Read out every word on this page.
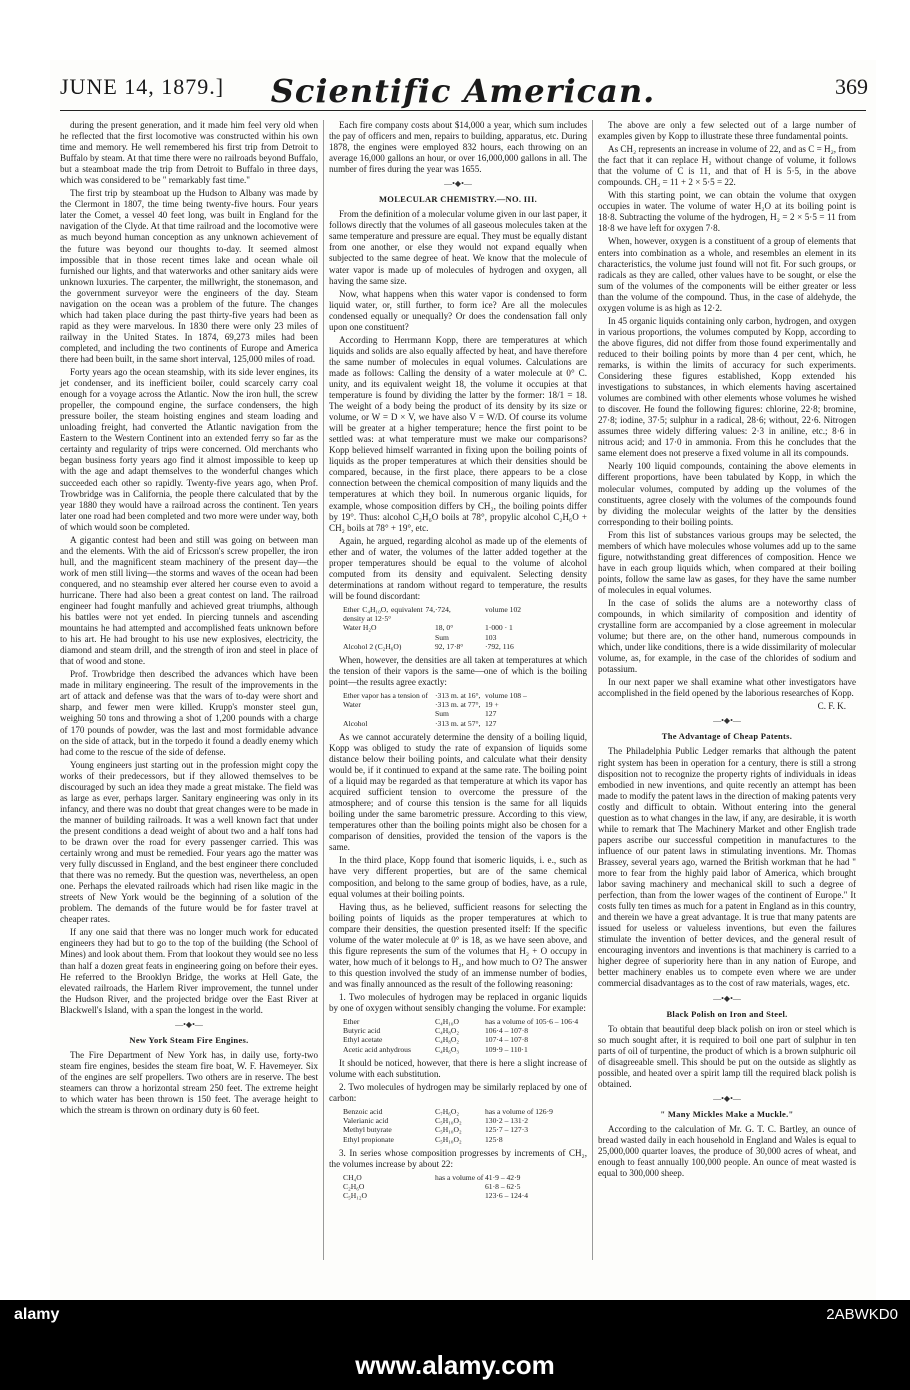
JUNE 14, 1879.]	Scientific American.	369

during the present generation, and it made him feel very old when he reflected that the first locomotive was constructed within his own time and memory. He well remembered his first trip from Detroit to Buffalo by steam. At that time there were no railroads beyond Buffalo, but a steamboat made the trip from Detroit to Buffalo in three days, which was considered to be " remarkably fast time."

The first trip by steamboat up the Hudson to Albany was made by the Clermont in 1807, the time being twenty-five hours. Four years later the Comet, a vessel 40 feet long, was built in England for the navigation of the Clyde. At that time railroad and the locomotive were as much beyond human conception as any unknown achievement of the future was beyond our thoughts to-day. It seemed almost impossible that in those recent times lake and ocean whale oil furnished our lights, and that waterworks and other sanitary aids were unknown luxuries. The carpenter, the millwright, the stonemason, and the government surveyor were the engineers of the day. Steam navigation on the ocean was a problem of the future. The changes which had taken place during the past thirty-five years had been as rapid as they were marvelous. In 1830 there were only 23 miles of railway in the United States. In 1874, 69,273 miles had been completed, and including the two continents of Europe and America there had been built, in the same short interval, 125,000 miles of road.

Forty years ago the ocean steamship, with its side lever engines, its jet condenser, and its inefficient boiler, could scarcely carry coal enough for a voyage across the Atlantic. Now the iron hull, the screw propeller, the compound engine, the surface condensers, the high pressure boiler, the steam hoisting engines and steam loading and unloading freight, had converted the Atlantic navigation from the Eastern to the Western Continent into an extended ferry so far as the certainty and regularity of trips were concerned. Old merchants who began business forty years ago find it almost impossible to keep up with the age and adapt themselves to the wonderful changes which succeeded each other so rapidly. Twenty-five years ago, when Prof. Trowbridge was in California, the people there calculated that by the year 1880 they would have a railroad across the continent. Ten years later one road had been completed and two more were under way, both of which would soon be completed.

A gigantic contest had been and still was going on between man and the elements. With the aid of Ericsson's screw propeller, the iron hull, and the magnificent steam machinery of the present day—the work of men still living—the storms and waves of the ocean had been conquered, and no steamship ever altered her course even to avoid a hurricane. There had also been a great contest on land. The railroad engineer had fought manfully and achieved great triumphs, although his battles were not yet ended. In piercing tunnels and ascending mountains he had attempted and accomplished feats unknown before to his art. He had brought to his use new explosives, electricity, the diamond and steam drill, and the strength of iron and steel in place of that of wood and stone.

Prof. Trowbridge then described the advances which have been made in military engineering. The result of the improvements in the art of attack and defense was that the wars of to-day were short and sharp, and fewer men were killed. Krupp's monster steel gun, weighing 50 tons and throwing a shot of 1,200 pounds with a charge of 170 pounds of powder, was the last and most formidable advance on the side of attack, but in the torpedo it found a deadly enemy which had come to the rescue of the side of defense.

Young engineers just starting out in the profession might copy the works of their predecessors, but if they allowed themselves to be discouraged by such an idea they made a great mistake. The field was as large as ever, perhaps larger. Sanitary engineering was only in its infancy, and there was no doubt that great changes were to be made in the manner of building railroads. It was a well known fact that under the present conditions a dead weight of about two and a half tons had to be drawn over the road for every passenger carried. This was certainly wrong and must be remedied. Four years ago the matter was very fully discussed in England, and the best engineer there concluded that there was no remedy. But the question was, nevertheless, an open one. Perhaps the elevated railroads which had risen like magic in the streets of New York would be the beginning of a solution of the problem. The demands of the future would be for faster travel at cheaper rates.

If any one said that there was no longer much work for educated engineers they had but to go to the top of the building (the School of Mines) and look about them. From that lookout they would see no less than half a dozen great feats in engineering going on before their eyes. He referred to the Brooklyn Bridge, the works at Hell Gate, the elevated railroads, the Harlem River improvement, the tunnel under the Hudson River, and the projected bridge over the East River at Blackwell's Island, with a span the longest in the world.

—•◆•—
New York Steam Fire Engines.

The Fire Department of New York has, in daily use, forty-two steam fire engines, besides the steam fire boat, W. F. Havemeyer. Six of the engines are self propellers. Two others are in reserve. The best steamers can throw a horizontal stream 250 feet. The extreme height to which water has been thrown is 150 feet. The average height to which the stream is thrown on ordinary duty is 60 feet.

Each fire company costs about $14,000 a year, which sum includes the pay of officers and men, repairs to building, apparatus, etc. During 1878, the engines were employed 832 hours, each throwing on an average 16,000 gallons an hour, or over 16,000,000 gallons in all. The number of fires during the year was 1655.

—•◆•—
MOLECULAR CHEMISTRY.—NO. III.

From the definition of a molecular volume given in our last paper, it follows directly that the volumes of all gaseous molecules taken at the same temperature and pressure are equal. They must be equally distant from one another, or else they would not expand equally when subjected to the same degree of heat. We know that the molecule of water vapor is made up of molecules of hydrogen and oxygen, all having the same size.

Now, what happens when this water vapor is condensed to form liquid water, or, still further, to form ice? Are all the molecules condensed equally or unequally? Or does the condensation fall only upon one constituent?

According to Herrmann Kopp, there are temperatures at which liquids and solids are also equally affected by heat, and have therefore the same number of molecules in equal volumes. Calculations are made as follows: Calling the density of a water molecule at 0° C. unity, and its equivalent weight 18, the volume it occupies at that temperature is found by dividing the latter by the former: 18/1 = 18. The weight of a body being the product of its density by its size or volume, or W = D × V, we have also V = W/D. Of course its volume will be greater at a higher temperature; hence the first point to be settled was: at what temperature must we make our comparisons? Kopp believed himself warranted in fixing upon the boiling points of liquids as the proper temperatures at which their densities should be compared, because, in the first place, there appears to be a close connection between the chemical composition of many liquids and the temperatures at which they boil. In numerous organic liquids, for example, whose composition differs by CH₂, the boiling points differ by 19°. Thus: alcohol C₂H₆O boils at 78°, propylic alcohol C₂H₆O + CH₂ boils at 78° + 19°, etc.

Again, he argued, regarding alcohol as made up of the elements of ether and of water, the volumes of the latter added together at the proper temperatures should be equal to the volume of alcohol computed from its density and equivalent. Selecting density determinations at random without regard to temperature, the results will be found discordant:

Ether C₄H₁₀O, equivalent 74, density at 12·5°
·724,	volume 102
Water H₂O	18, 0°	1·000 · 1
Sum	103
Alcohol 2 (C₂H₆O)	92, 17·8°	·792, 116

When, however, the densities are all taken at temperatures at which the tension of their vapors is the same—one of which is the boiling point—the results agree exactly:

Ether vapor has a tension of ·313 m. at 16°, volume 108 –
Water	·313 m. at 77°, 19 +
Sum	127
Alcohol	·313 m. at 57°, 127

As we cannot accurately determine the density of a boiling liquid, Kopp was obliged to study the rate of expansion of liquids some distance below their boiling points, and calculate what their density would be, if it continued to expand at the same rate. The boiling point of a liquid may be regarded as that temperature at which its vapor has acquired sufficient tension to overcome the pressure of the atmosphere; and of course this tension is the same for all liquids boiling under the same barometric pressure. According to this view, temperatures other than the boiling points might also be chosen for a comparison of densities, provided the tension of the vapors is the same.

In the third place, Kopp found that isomeric liquids, i. e., such as have very different properties, but are of the same chemical composition, and belong to the same group of bodies, have, as a rule, equal volumes at their boiling points.

Having thus, as he believed, sufficient reasons for selecting the boiling points of liquids as the proper temperatures at which to compare their densities, the question presented itself: If the specific volume of the water molecule at 0° is 18, as we have seen above, and this figure represents the sum of the volumes that H₂ + O occupy in water, how much of it belongs to H₂, and how much to O? The answer to this question involved the study of an immense number of bodies, and was finally announced as the result of the following reasoning:

1. Two molecules of hydrogen may be replaced in organic liquids by one of oxygen without sensibly changing the volume. For example:

Ether	C₄H₁₀O	has a volume of 105·6 – 106·4
Butyric acid	C₄H₈O₂	106·4 – 107·8
Ethyl acetate	C₄H₈O₂	107·4 – 107·8
Acetic acid anhydrous	C₄H₆O₃	109·9 – 110·1

It should be noticed, however, that there is here a slight increase of volume with each substitution.

2. Two molecules of hydrogen may be similarly replaced by one of carbon:

Benzoic acid	C₇H₆O₂	has a volume of 126·9
Valerianic acid	C₅H₁₀O₂	130·2 – 131·2
Methyl butyrate	C₅H₁₀O₂	125·7 – 127·3
Ethyl propionate	C₅H₁₀O₂	125·8

3. In series whose composition progresses by increments of CH₂, the volumes increase by about 22:

CH₄O	has a volume of 41·9 – 42·9
C₂H₆O	61·8 – 62·5
C₅H₁₂O	123·6 – 124·4

The above are only a few selected out of a large number of examples given by Kopp to illustrate these three fundamental points.

As CH₂ represents an increase in volume of 22, and as C = H₂, from the fact that it can replace H₂ without change of volume, it follows that the volume of C is 11, and that of H is 5·5, in the above compounds. CH₂ = 11 + 2 × 5·5 = 22.

With this starting point, we can obtain the volume that oxygen occupies in water. The volume of water H₂O at its boiling point is 18·8. Subtracting the volume of the hydrogen, H₂ = 2 × 5·5 = 11 from 18·8 we have left for oxygen 7·8.

When, however, oxygen is a constituent of a group of elements that enters into combination as a whole, and resembles an element in its characteristics, the volume just found will not fit. For such groups, or radicals as they are called, other values have to be sought, or else the sum of the volumes of the components will be either greater or less than the volume of the compound. Thus, in the case of aldehyde, the oxygen volume is as high as 12·2.

In 45 organic liquids containing only carbon, hydrogen, and oxygen in various proportions, the volumes computed by Kopp, according to the above figures, did not differ from those found experimentally and reduced to their boiling points by more than 4 per cent, which, he remarks, is within the limits of accuracy for such experiments. Considering these figures established, Kopp extended his investigations to substances, in which elements having ascertained volumes are combined with other elements whose volumes he wished to discover. He found the following figures: chlorine, 22·8; bromine, 27·8; iodine, 37·5; sulphur in a radical, 28·6; without, 22·6. Nitrogen assumes three widely differing values: 2·3 in aniline, etc.; 8·6 in nitrous acid; and 17·0 in ammonia. From this he concludes that the same element does not preserve a fixed volume in all its compounds.

Nearly 100 liquid compounds, containing the above elements in different proportions, have been tabulated by Kopp, in which the molecular volumes, computed by adding up the volumes of the constituents, agree closely with the volumes of the compounds found by dividing the molecular weights of the latter by the densities corresponding to their boiling points.

From this list of substances various groups may be selected, the members of which have molecules whose volumes add up to the same figure, notwithstanding great differences of composition. Hence we have in each group liquids which, when compared at their boiling points, follow the same law as gases, for they have the same number of molecules in equal volumes.

In the case of solids the alums are a noteworthy class of compounds, in which similarity of composition and identity of crystalline form are accompanied by a close agreement in molecular volume; but there are, on the other hand, numerous compounds in which, under like conditions, there is a wide dissimilarity of molecular volume, as, for example, in the case of the chlorides of sodium and potassium.

In our next paper we shall examine what other investigators have accomplished in the field opened by the laborious researches of Kopp.

C. F. K.
—•◆•—
The Advantage of Cheap Patents.

The Philadelphia Public Ledger remarks that although the patent right system has been in operation for a century, there is still a strong disposition not to recognize the property rights of individuals in ideas embodied in new inventions, and quite recently an attempt has been made to modify the patent laws in the direction of making patents very costly and difficult to obtain. Without entering into the general question as to what changes in the law, if any, are desirable, it is worth while to remark that The Machinery Market and other English trade papers ascribe our successful competition in manufactures to the influence of our patent laws in stimulating inventions. Mr. Thomas Brassey, several years ago, warned the British workman that he had " more to fear from the highly paid labor of America, which brought labor saving machinery and mechanical skill to such a degree of perfection, than from the lower wages of the continent of Europe." It costs fully ten times as much for a patent in England as in this country, and therein we have a great advantage. It is true that many patents are issued for useless or valueless inventions, but even the failures stimulate the invention of better devices, and the general result of encouraging inventors and inventions is that machinery is carried to a higher degree of superiority here than in any nation of Europe, and better machinery enables us to compete even where we are under commercial disadvantages as to the cost of raw materials, wages, etc.

—•◆•—
Black Polish on Iron and Steel.

To obtain that beautiful deep black polish on iron or steel which is so much sought after, it is required to boil one part of sulphur in ten parts of oil of turpentine, the product of which is a brown sulphuric oil of disagreeable smell. This should be put on the outside as slightly as possible, and heated over a spirit lamp till the required black polish is obtained.

—•◆•—
" Many Mickles Make a Muckle."

According to the calculation of Mr. G. T. C. Bartley, an ounce of bread wasted daily in each household in England and Wales is equal to 25,000,000 quarter loaves, the produce of 30,000 acres of wheat, and enough to feast annually 100,000 people. An ounce of meat wasted is equal to 300,000 sheep.

alamy	2ABWKD0
www.alamy.com
